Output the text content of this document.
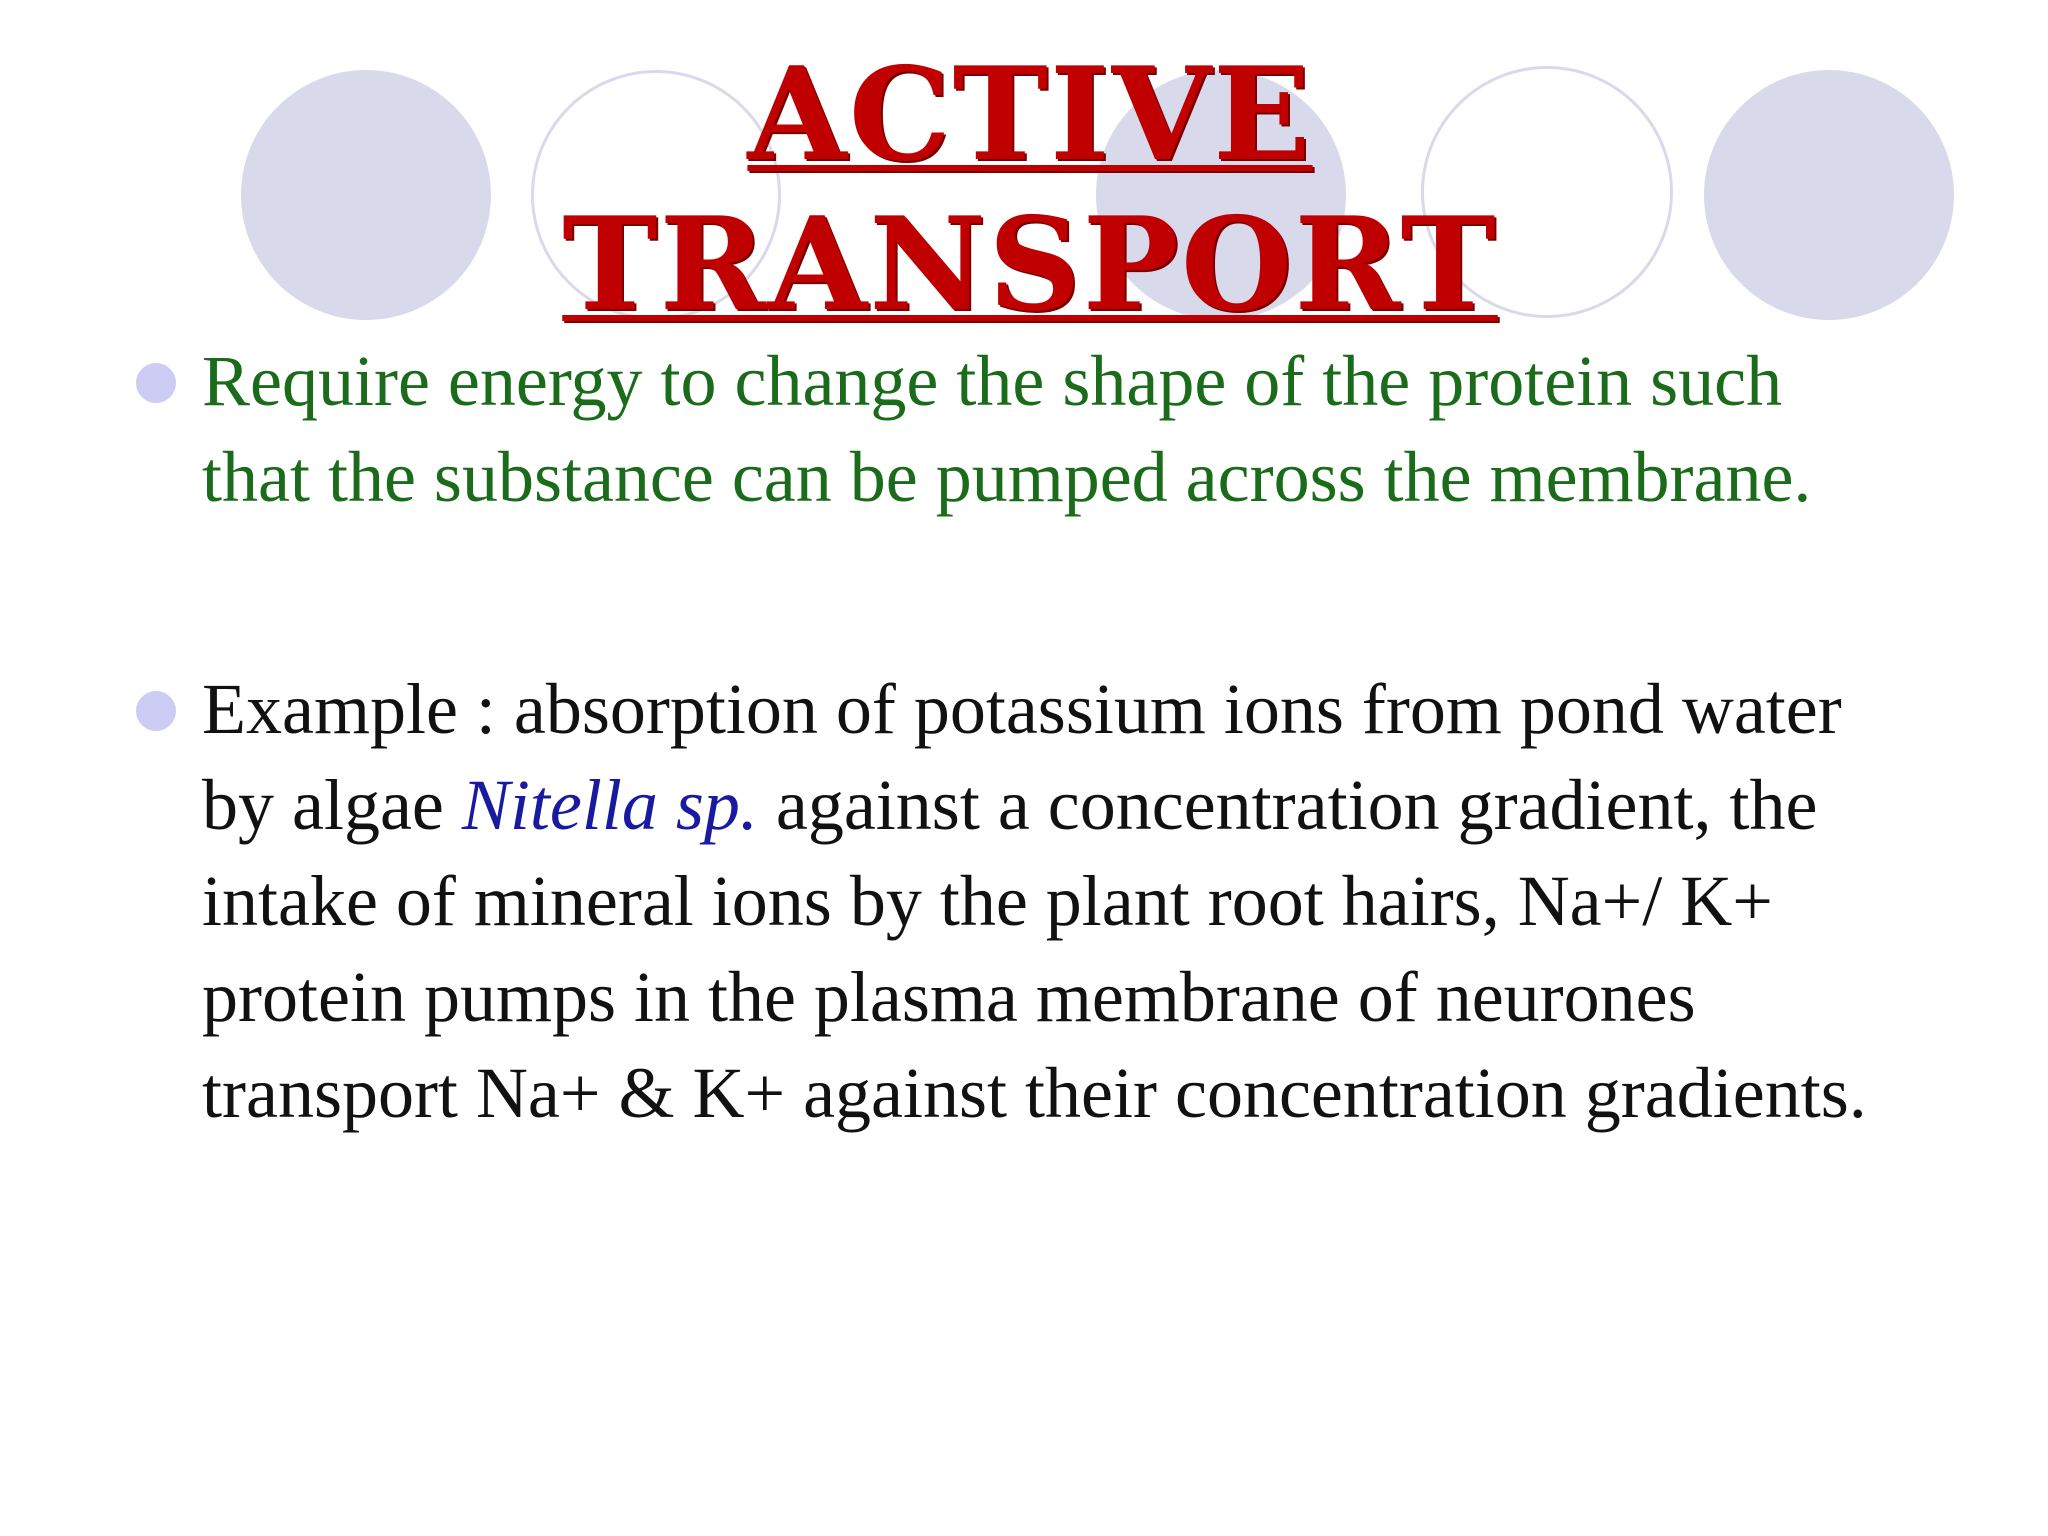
ACTIVE
TRANSPORT
Require energy to change the shape of the protein such that the substance can be pumped across the membrane.
Example : absorption of potassium ions from pond water by algae Nitella sp. against a concentration gradient, the intake of mineral ions by the plant root hairs, Na+/ K+ protein pumps in the plasma membrane of neurones transport Na+ & K+ against their concentration gradients.
